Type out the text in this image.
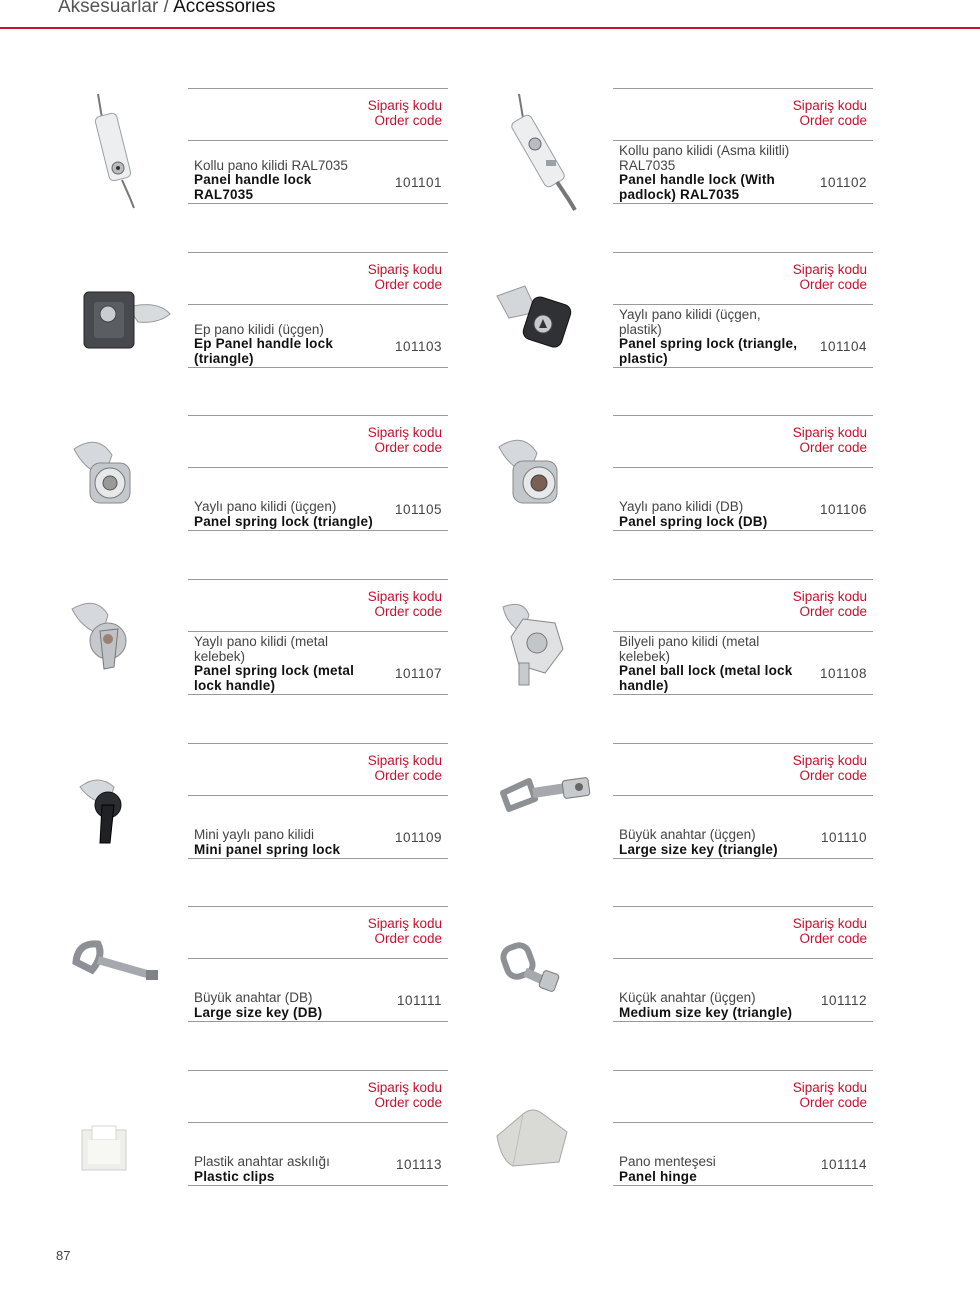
Aksesuarlar / Accessories
Sipariş kodu
Order code
Kollu pano kilidi RAL7035
Panel handle lock RAL7035
101101
Sipariş kodu
Order code
Kollu pano kilidi (Asma kilitli) RAL7035
Panel handle lock (With padlock) RAL7035
101102
Sipariş kodu
Order code
Ep pano kilidi (üçgen)
Ep Panel handle lock (triangle)
101103
Sipariş kodu
Order code
Yaylı pano kilidi (üçgen, plastik)
Panel spring lock (triangle, plastic)
101104
Sipariş kodu
Order code
Yaylı pano kilidi (üçgen)
Panel spring lock (triangle)
101105
Sipariş kodu
Order code
Yaylı pano kilidi (DB)
Panel spring lock (DB)
101106
Sipariş kodu
Order code
Yaylı pano kilidi (metal kelebek)
Panel spring lock (metal lock handle)
101107
Sipariş kodu
Order code
Bilyeli pano kilidi (metal kelebek)
Panel ball lock (metal lock handle)
101108
Sipariş kodu
Order code
Mini yaylı pano kilidi
Mini panel spring lock
101109
Sipariş kodu
Order code
Büyük anahtar (üçgen)
Large size key (triangle)
101110
Sipariş kodu
Order code
Büyük anahtar (DB)
Large size key (DB)
101111
Sipariş kodu
Order code
Küçük anahtar (üçgen)
Medium size key (triangle)
101112
Sipariş kodu
Order code
Plastik anahtar askılığı
Plastic clips
101113
Sipariş kodu
Order code
Pano menteşesi
Panel hinge
101114
87
